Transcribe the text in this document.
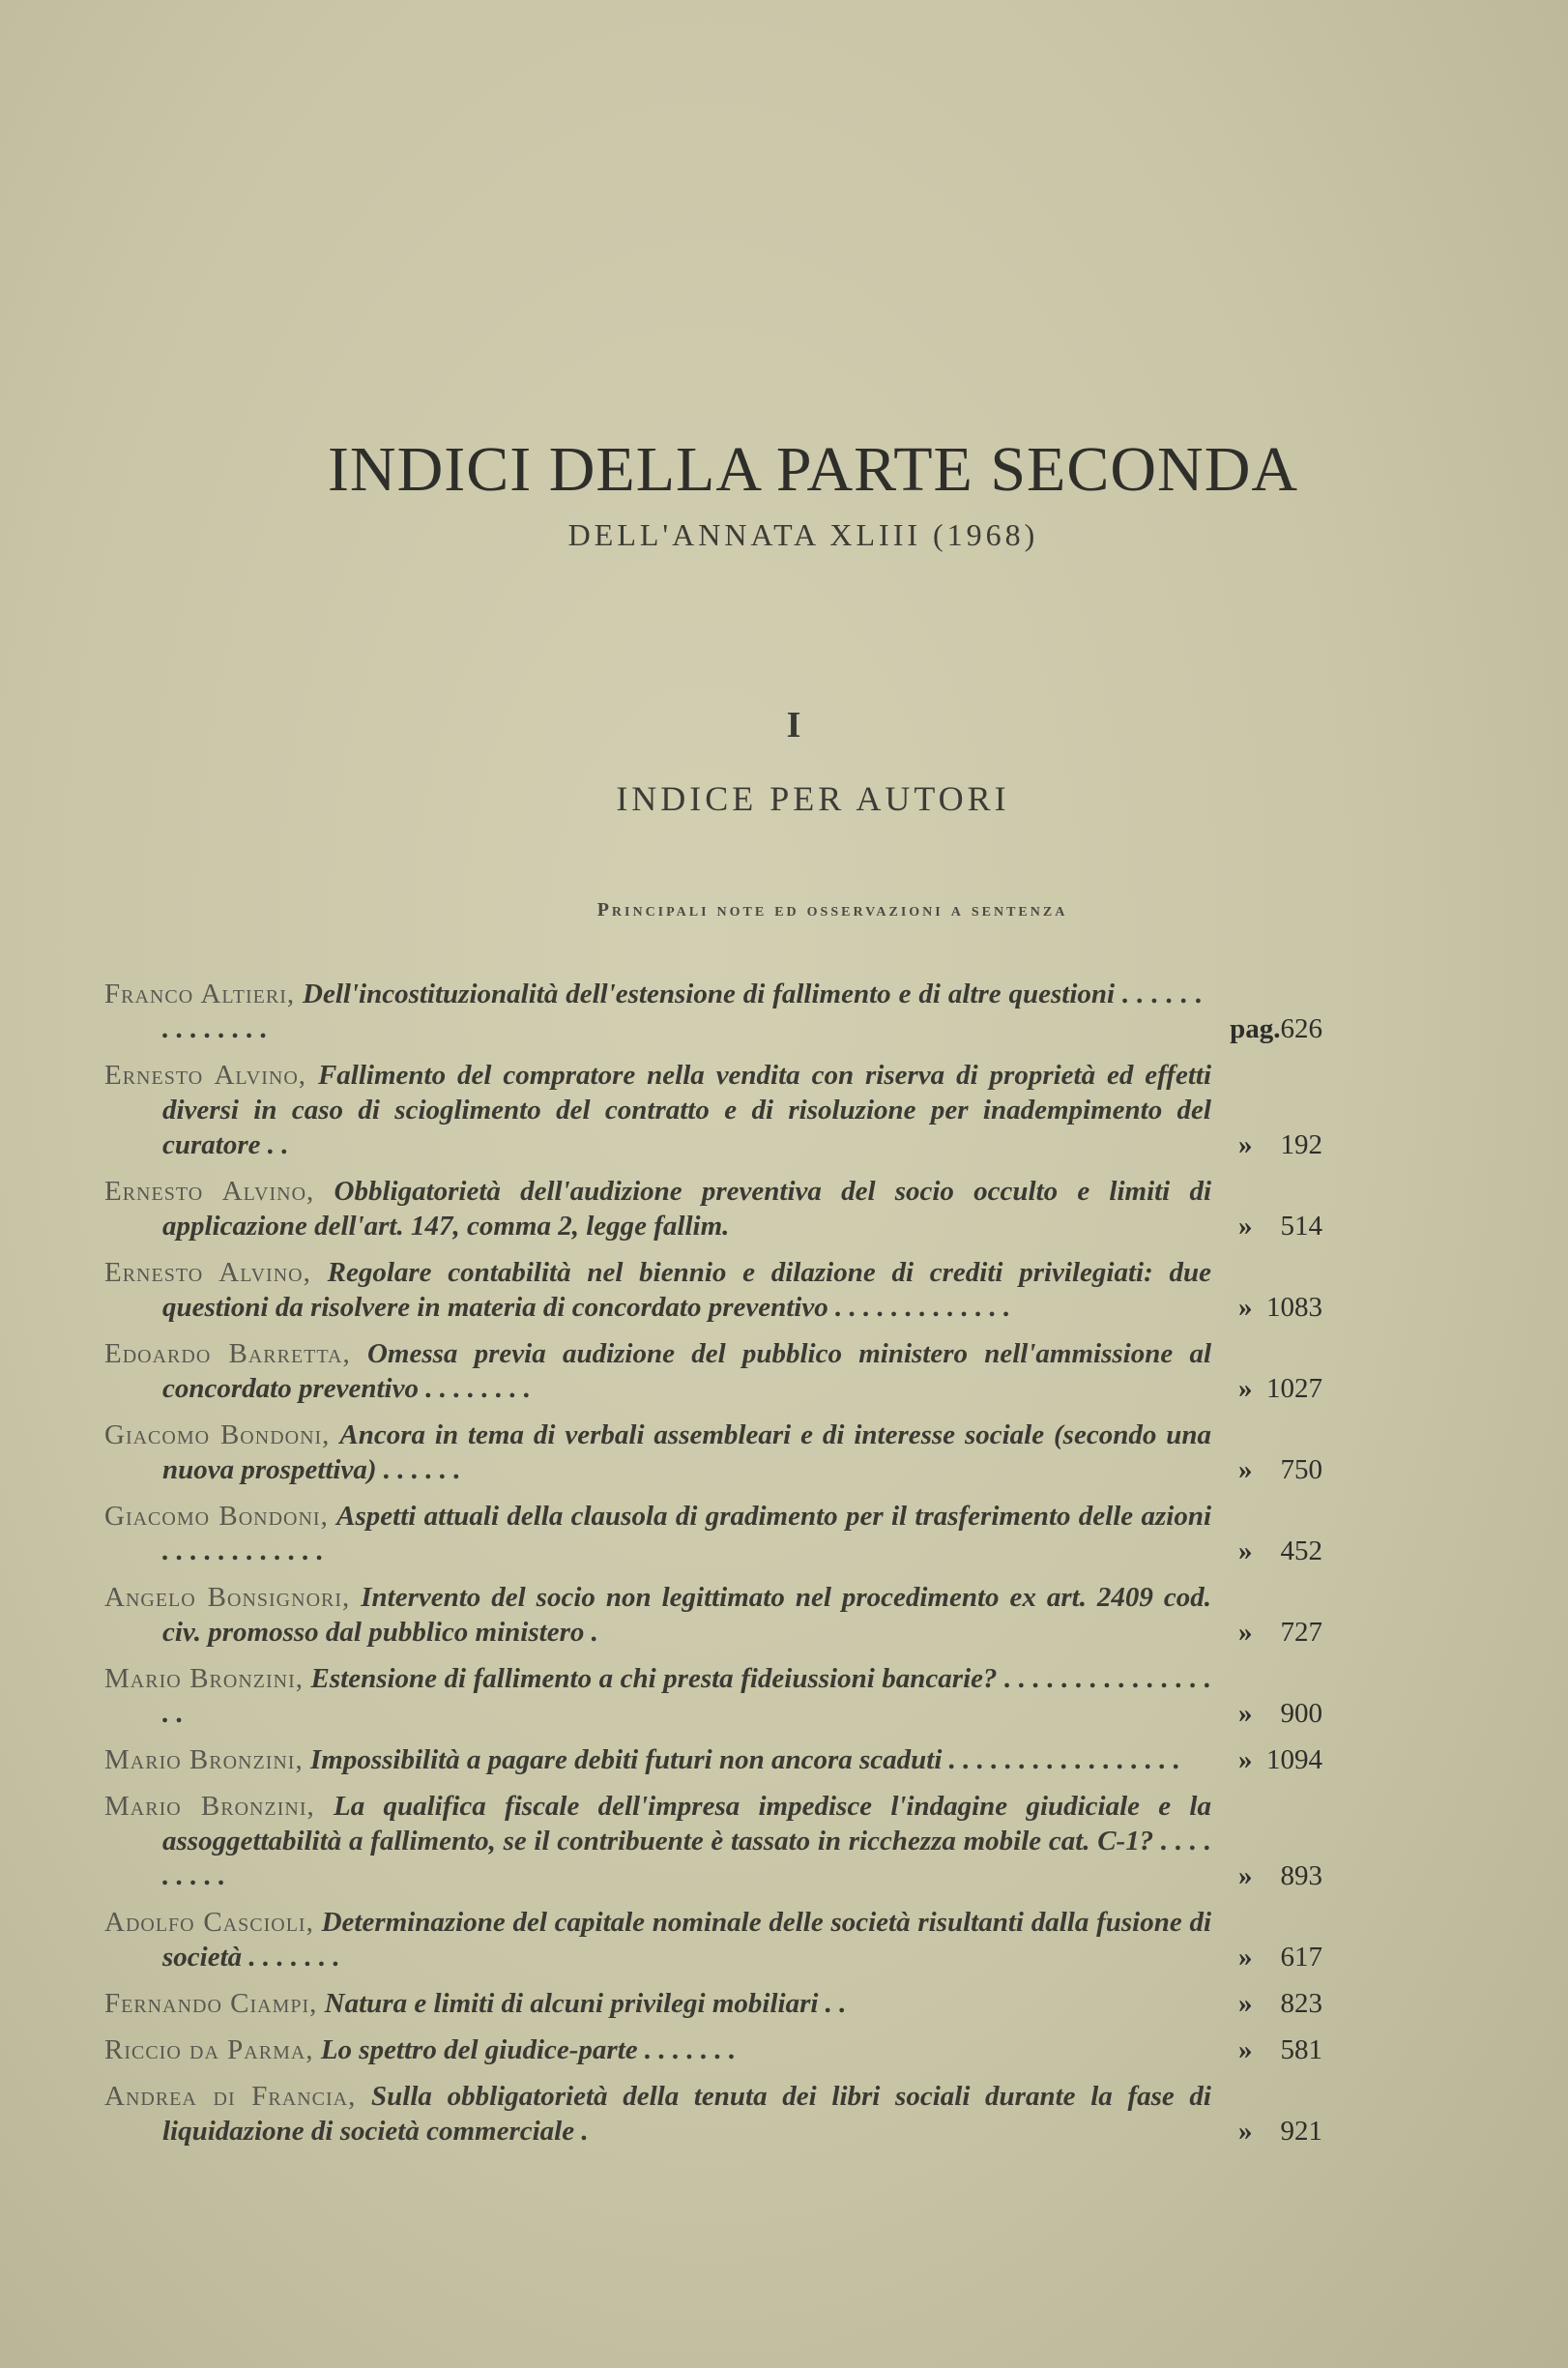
INDICI DELLA PARTE SECONDA
DELL'ANNATA XLIII (1968)
I
INDICE PER AUTORI
Principali note ed osservazioni a sentenza
Franco Altieri, Dell'incostituzionalità dell'estensione di fallimento e di altre questioni . . . . . . . . . . . . . .	pag. 626
Ernesto Alvino, Fallimento del compratore nella vendita con riserva di proprietà ed effetti diversi in caso di scioglimento del contratto e di risoluzione per inadempimento del curatore . .	» 192
Ernesto Alvino, Obbligatorietà dell'audizione preventiva del socio occulto e limiti di applicazione dell'art. 147, comma 2, legge fallim.	» 514
Ernesto Alvino, Regolare contabilità nel biennio e dilazione di crediti privilegiati: due questioni da risolvere in materia di concordato preventivo . . . . . . . . . . . . .	» 1083
Edoardo Barretta, Omessa previa audizione del pubblico ministero nell'ammissione al concordato preventivo . . . . . . . .	» 1027
Giacomo Bondoni, Ancora in tema di verbali assembleari e di interesse sociale (secondo una nuova prospettiva) . . . . . .	» 750
Giacomo Bondoni, Aspetti attuali della clausola di gradimento per il trasferimento delle azioni . . . . . . . . . . . .	» 452
Angelo Bonsignori, Intervento del socio non legittimato nel procedimento ex art. 2409 cod. civ. promosso dal pubblico ministero .	» 727
Mario Bronzini, Estensione di fallimento a chi presta fideiussioni bancarie? . . . . . . . . . . . . . . . . .	» 900
Mario Bronzini, Impossibilità a pagare debiti futuri non ancora scaduti . . . . . . . . . . . . . . . . .	» 1094
Mario Bronzini, La qualifica fiscale dell'impresa impedisce l'indagine giudiciale e la assoggettabilità a fallimento, se il contribuente è tassato in ricchezza mobile cat. C-1? . . . . . . . . .	» 893
Adolfo Cascioli, Determinazione del capitale nominale delle società risultanti dalla fusione di società . . . . . . .	» 617
Fernando Ciampi, Natura e limiti di alcuni privilegi mobiliari . .	» 823
Riccio da Parma, Lo spettro del giudice-parte . . . . . . .	» 581
Andrea di Francia, Sulla obbligatorietà della tenuta dei libri sociali durante la fase di liquidazione di società commerciale .	» 921
